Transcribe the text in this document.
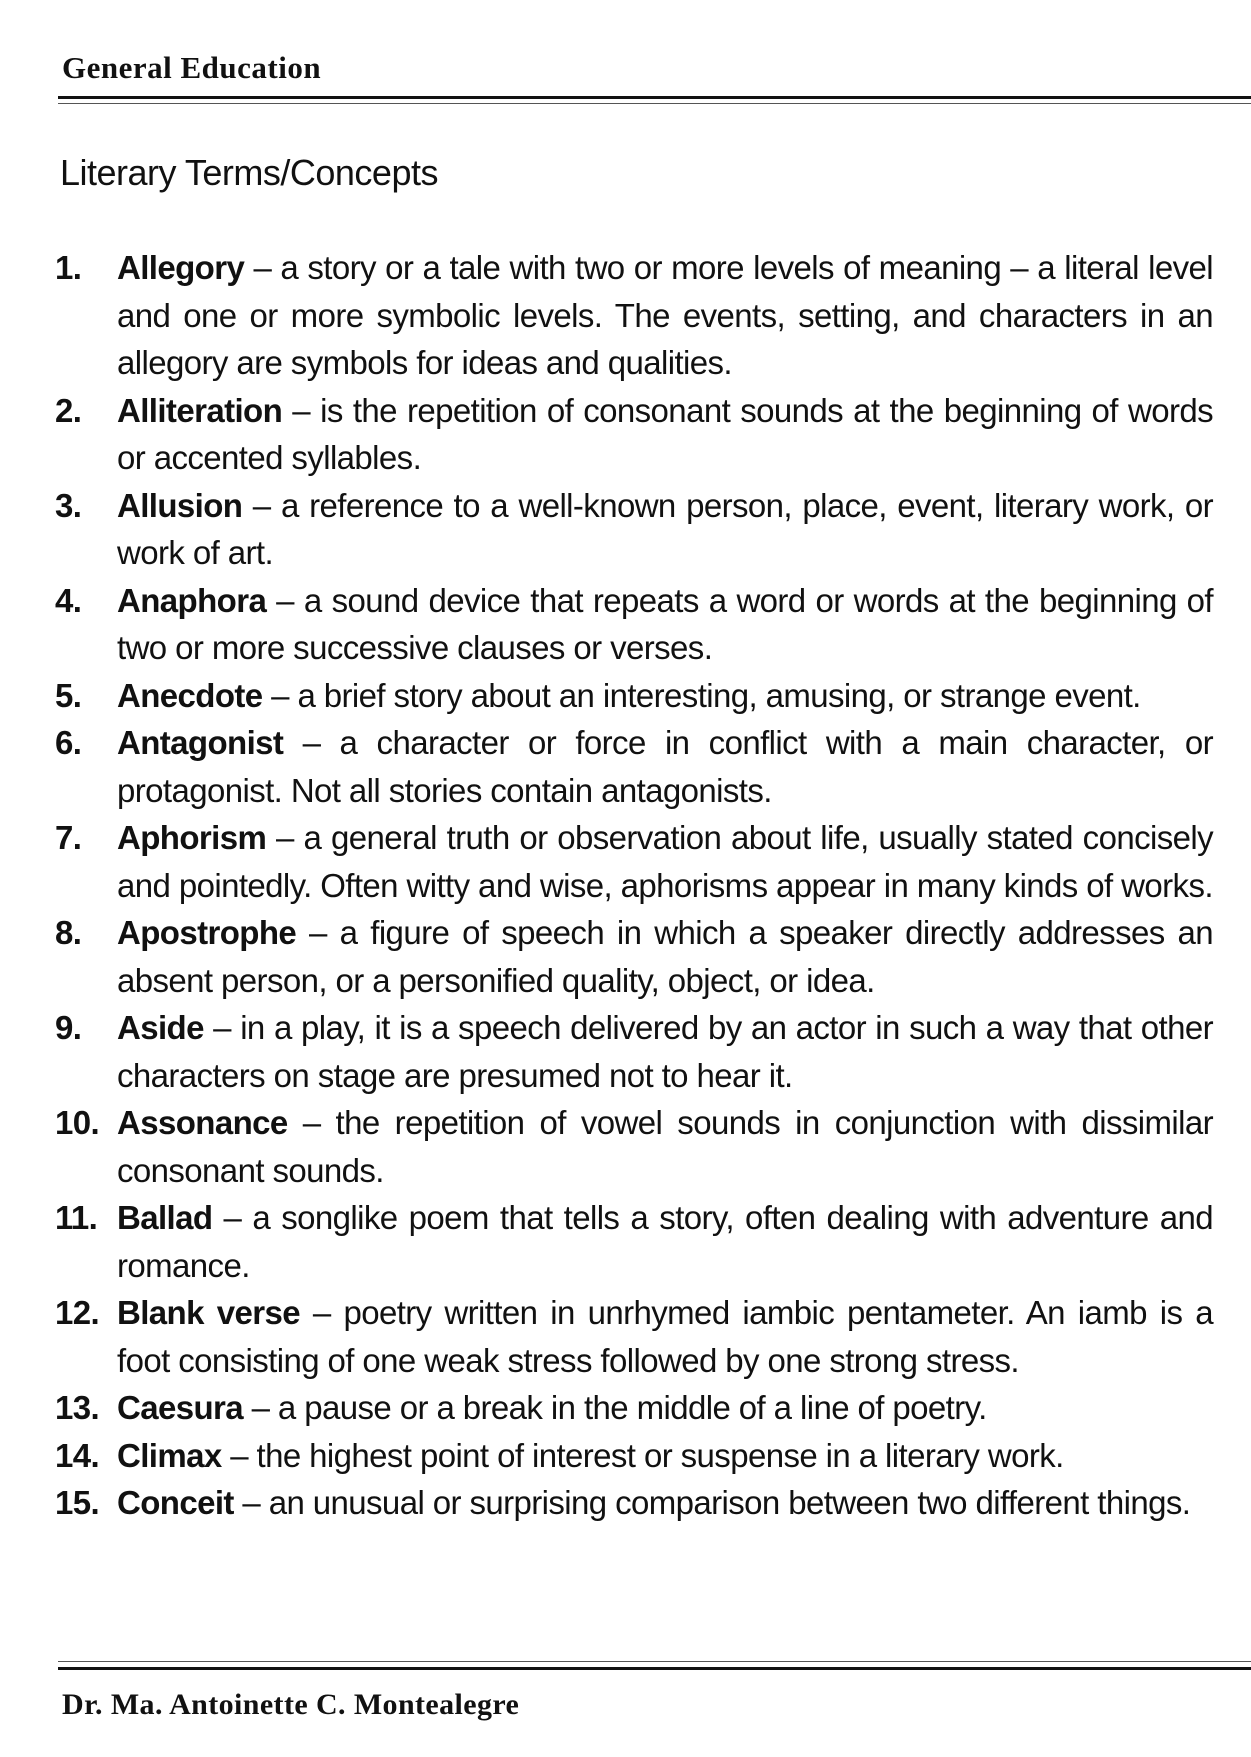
General Education
Literary Terms/Concepts
1.	Allegory – a story or a tale with two or more levels of meaning – a literal level and one or more symbolic levels. The events, setting, and characters in an allegory are symbols for ideas and qualities.
2.	Alliteration – is the repetition of consonant sounds at the beginning of words or accented syllables.
3.	Allusion – a reference to a well-known person, place, event, literary work, or work of art.
4.	Anaphora – a sound device that repeats a word or words at the beginning of two or more successive clauses or verses.
5.	Anecdote – a brief story about an interesting, amusing, or strange event.
6.	Antagonist – a character or force in conflict with a main character, or protagonist. Not all stories contain antagonists.
7.	Aphorism – a general truth or observation about life, usually stated concisely and pointedly. Often witty and wise, aphorisms appear in many kinds of works.
8.	Apostrophe – a figure of speech in which a speaker directly addresses an absent person, or a personified quality, object, or idea.
9.	Aside – in a play, it is a speech delivered by an actor in such a way that other characters on stage are presumed not to hear it.
10. Assonance – the repetition of vowel sounds in conjunction with dissimilar consonant sounds.
11. Ballad – a songlike poem that tells a story, often dealing with adventure and romance.
12. Blank verse – poetry written in unrhymed iambic pentameter. An iamb is a foot consisting of one weak stress followed by one strong stress.
13. Caesura – a pause or a break in the middle of a line of poetry.
14. Climax – the highest point of interest or suspense in a literary work.
15. Conceit – an unusual or surprising comparison between two different things.
Dr. Ma. Antoinette C. Montealegre
